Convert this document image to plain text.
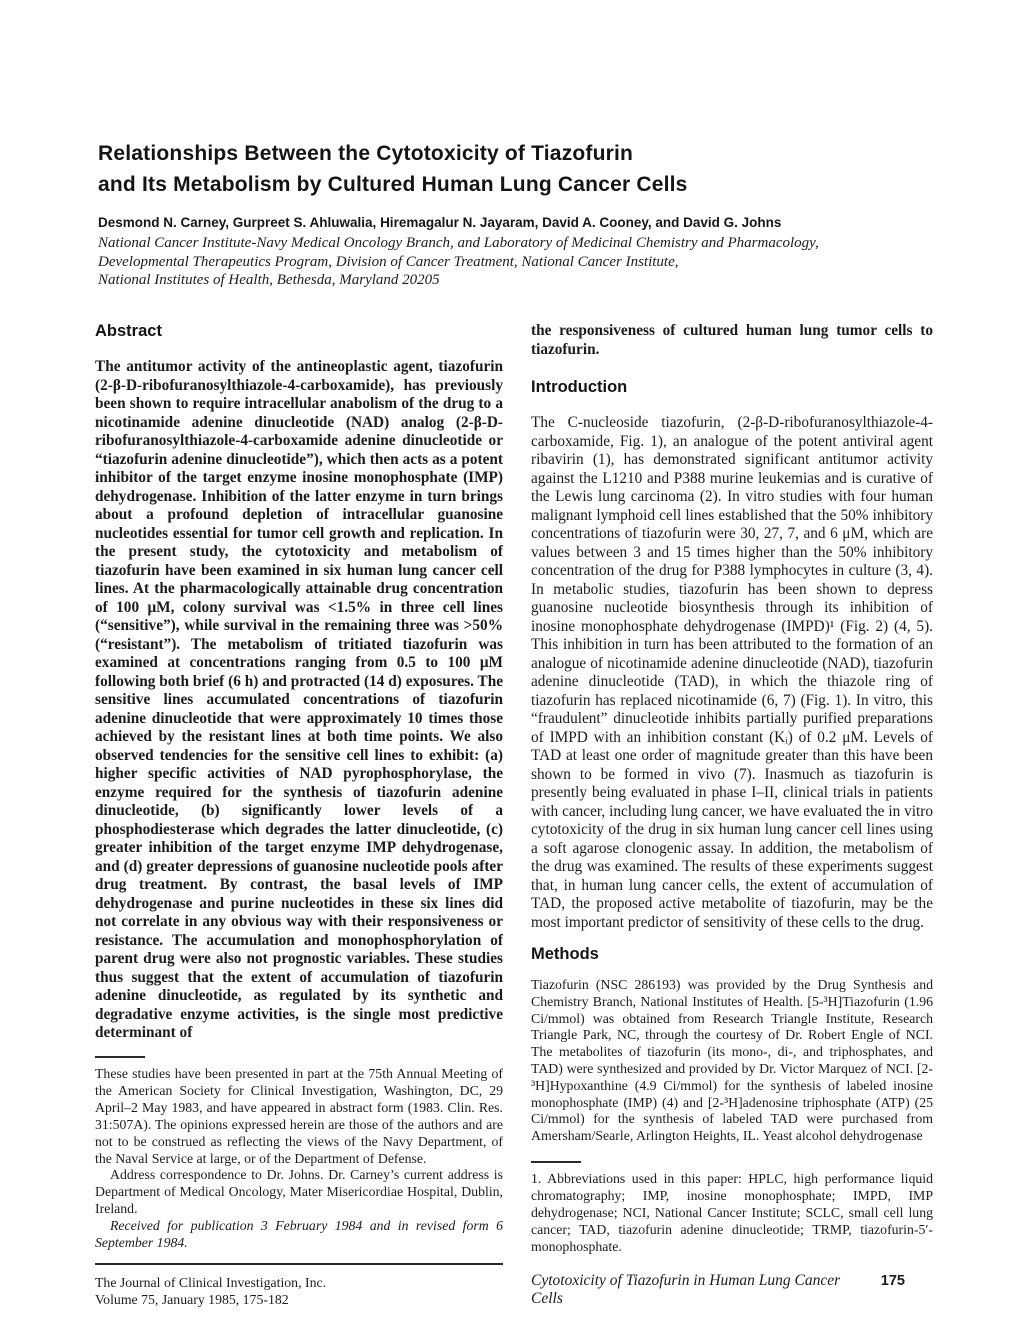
Relationships Between the Cytotoxicity of Tiazofurin
and Its Metabolism by Cultured Human Lung Cancer Cells
Desmond N. Carney, Gurpreet S. Ahluwalia, Hiremagalur N. Jayaram, David A. Cooney, and David G. Johns
National Cancer Institute-Navy Medical Oncology Branch, and Laboratory of Medicinal Chemistry and Pharmacology,
Developmental Therapeutics Program, Division of Cancer Treatment, National Cancer Institute,
National Institutes of Health, Bethesda, Maryland 20205
Abstract

The antitumor activity of the antineoplastic agent, tiazofurin (2-β-D-ribofuranosylthiazole-4-carboxamide), has previously been shown to require intracellular anabolism of the drug to a nicotinamide adenine dinucleotide (NAD) analog (2-β-D-ribofuranosylthiazole-4-carboxamide adenine dinucleotide or “tiazofurin adenine dinucleotide”), which then acts as a potent inhibitor of the target enzyme inosine monophosphate (IMP) dehydrogenase. Inhibition of the latter enzyme in turn brings about a profound depletion of intracellular guanosine nucleotides essential for tumor cell growth and replication. In the present study, the cytotoxicity and metabolism of tiazofurin have been examined in six human lung cancer cell lines. At the pharmacologically attainable drug concentration of 100 μM, colony survival was <1.5% in three cell lines (“sensitive”), while survival in the remaining three was >50% (“resistant”). The metabolism of tritiated tiazofurin was examined at concentrations ranging from 0.5 to 100 μM following both brief (6 h) and protracted (14 d) exposures. The sensitive lines accumulated concentrations of tiazofurin adenine dinucleotide that were approximately 10 times those achieved by the resistant lines at both time points. We also observed tendencies for the sensitive cell lines to exhibit: (a) higher specific activities of NAD pyrophosphorylase, the enzyme required for the synthesis of tiazofurin adenine dinucleotide, (b) significantly lower levels of a phosphodiesterase which degrades the latter dinucleotide, (c) greater inhibition of the target enzyme IMP dehydrogenase, and (d) greater depressions of guanosine nucleotide pools after drug treatment. By contrast, the basal levels of IMP dehydrogenase and purine nucleotides in these six lines did not correlate in any obvious way with their responsiveness or resistance. The accumulation and monophosphorylation of parent drug were also not prognostic variables. These studies thus suggest that the extent of accumulation of tiazofurin adenine dinucleotide, as regulated by its synthetic and degradative enzyme activities, is the single most predictive determinant of

These studies have been presented in part at the 75th Annual Meeting of the American Society for Clinical Investigation, Washington, DC, 29 April–2 May 1983, and have appeared in abstract form (1983. Clin. Res. 31:507A). The opinions expressed herein are those of the authors and are not to be construed as reflecting the views of the Navy Department, of the Naval Service at large, or of the Department of Defense.

Address correspondence to Dr. Johns. Dr. Carney’s current address is Department of Medical Oncology, Mater Misericordiae Hospital, Dublin, Ireland.

Received for publication 3 February 1984 and in revised form 6 September 1984.

The Journal of Clinical Investigation, Inc.

Volume 75, January 1985, 175-182

the responsiveness of cultured human lung tumor cells to tiazofurin.

Introduction

The C-nucleoside tiazofurin, (2-β-D-ribofuranosylthiazole-4-carboxamide, Fig. 1), an analogue of the potent antiviral agent ribavirin (1), has demonstrated significant antitumor activity against the L1210 and P388 murine leukemias and is curative of the Lewis lung carcinoma (2). In vitro studies with four human malignant lymphoid cell lines established that the 50% inhibitory concentrations of tiazofurin were 30, 27, 7, and 6 μM, which are values between 3 and 15 times higher than the 50% inhibitory concentration of the drug for P388 lymphocytes in culture (3, 4). In metabolic studies, tiazofurin has been shown to depress guanosine nucleotide biosynthesis through its inhibition of inosine monophosphate dehydrogenase (IMPD)¹ (Fig. 2) (4, 5). This inhibition in turn has been attributed to the formation of an analogue of nicotinamide adenine dinucleotide (NAD), tiazofurin adenine dinucleotide (TAD), in which the thiazole ring of tiazofurin has replaced nicotinamide (6, 7) (Fig. 1). In vitro, this “fraudulent” dinucleotide inhibits partially purified preparations of IMPD with an inhibition constant (Kᵢ) of 0.2 μM. Levels of TAD at least one order of magnitude greater than this have been shown to be formed in vivo (7). Inasmuch as tiazofurin is presently being evaluated in phase I–II, clinical trials in patients with cancer, including lung cancer, we have evaluated the in vitro cytotoxicity of the drug in six human lung cancer cell lines using a soft agarose clonogenic assay. In addition, the metabolism of the drug was examined. The results of these experiments suggest that, in human lung cancer cells, the extent of accumulation of TAD, the proposed active metabolite of tiazofurin, may be the most important predictor of sensitivity of these cells to the drug.

Methods

Tiazofurin (NSC 286193) was provided by the Drug Synthesis and Chemistry Branch, National Institutes of Health. [5-³H]Tiazofurin (1.96 Ci/mmol) was obtained from Research Triangle Institute, Research Triangle Park, NC, through the courtesy of Dr. Robert Engle of NCI. The metabolites of tiazofurin (its mono-, di-, and triphosphates, and TAD) were synthesized and provided by Dr. Victor Marquez of NCI. [2-³H]Hypoxanthine (4.9 Ci/mmol) for the synthesis of labeled inosine monophosphate (IMP) (4) and [2-³H]adenosine triphosphate (ATP) (25 Ci/mmol) for the synthesis of labeled TAD were purchased from Amersham/Searle, Arlington Heights, IL. Yeast alcohol dehydrogenase

1. Abbreviations used in this paper: HPLC, high performance liquid chromatography; IMP, inosine monophosphate; IMPD, IMP dehydrogenase; NCI, National Cancer Institute; SCLC, small cell lung cancer; TAD, tiazofurin adenine dinucleotide; TRMP, tiazofurin-5′-monophosphate.

Cytotoxicity of Tiazofurin in Human Lung Cancer Cells
175
